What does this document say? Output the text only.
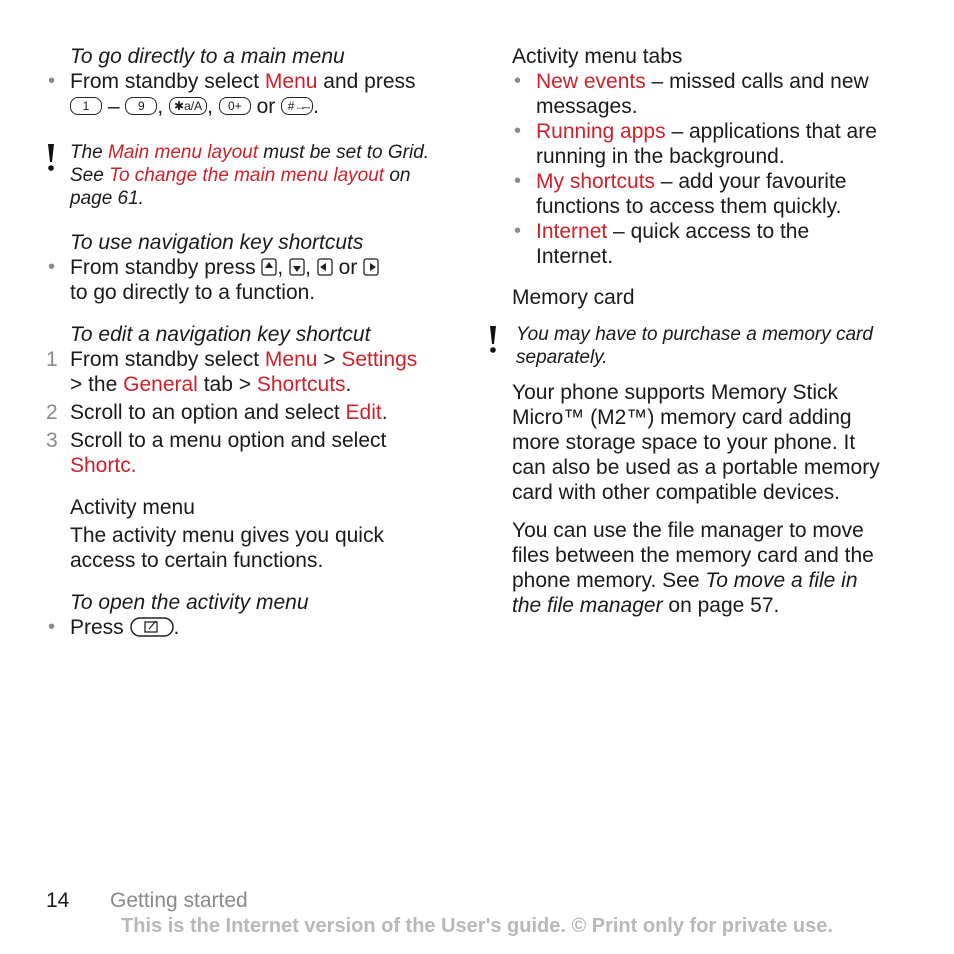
To go directly to a main menu

• From standby select Menu and press
1 – 9 , ✱a/A , 0+ or #→̶ .
The Main menu layout must be set to Grid. See To change the main menu layout on page 61.

To use navigation key shortcuts

• From standby press , ,  or
to go directly to a function.

To edit a navigation key shortcut

1 From standby select Menu > Settings
> the General tab > Shortcuts.
2 Scroll to an option and select Edit.
3 Scroll to a menu option and select
Shortc.

Activity menu

The activity menu gives you quick access to certain functions.

To open the activity menu

• Press .

Activity menu tabs

• New events – missed calls and new messages.
• Running apps – applications that are running in the background.
• My shortcuts – add your favourite functions to access them quickly.
• Internet – quick access to the Internet.

Memory card

You may have to purchase a memory card separately.

Your phone supports Memory Stick Micro™ (M2™) memory card adding more storage space to your phone. It can also be used as a portable memory card with other compatible devices.

You can use the file manager to move files between the memory card and the phone memory. See To move a file in the file manager on page 57.

14 Getting started
This is the Internet version of the User's guide. © Print only for private use.
